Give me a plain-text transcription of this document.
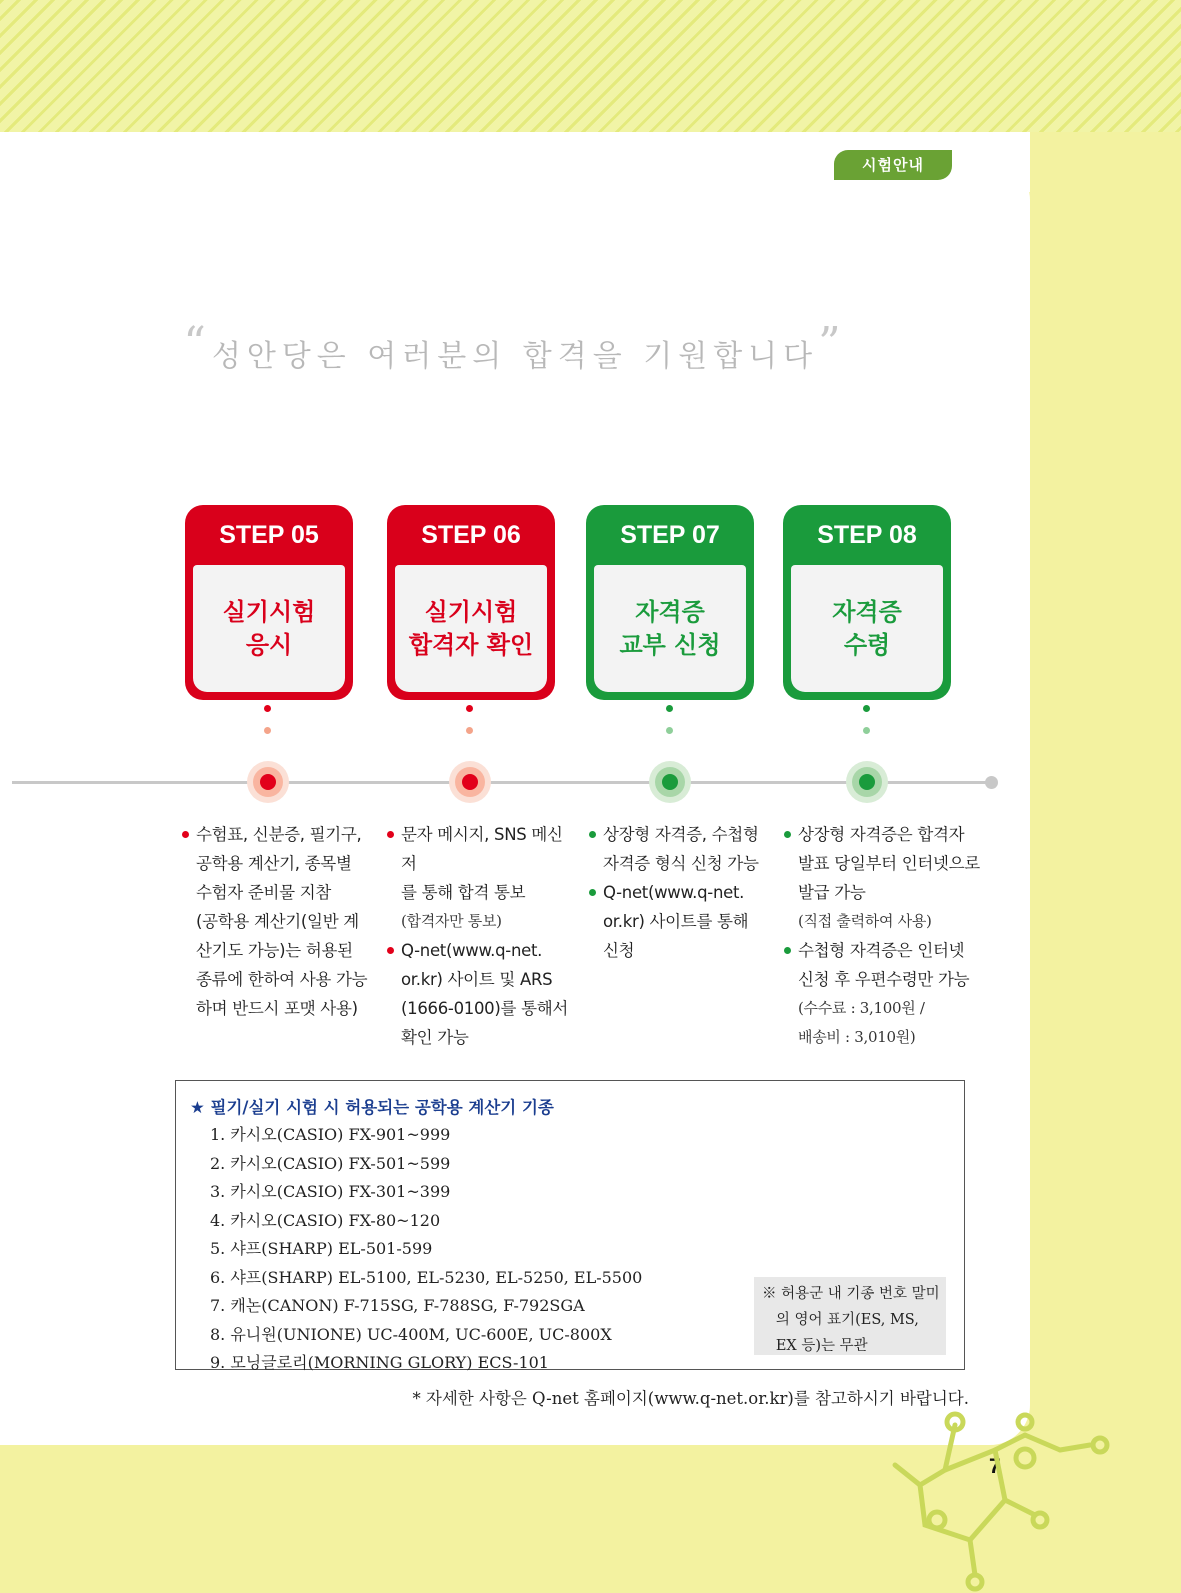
시험안내
“성안당은 여러분의 합격을 기원합니다”
STEP 05
실기시험
응시
STEP 06
실기시험
합격자 확인
STEP 07
자격증
교부 신청
STEP 08
자격증
수령
수험표, 신분증, 필기구,
공학용 계산기, 종목별
수험자 준비물 지참
(공학용 계산기(일반 계
산기도 가능)는 허용된
종류에 한하여 사용 가능
하며 반드시 포맷 사용)
문자 메시지, SNS 메신저
를 통해 합격 통보
(합격자만 통보)
Q-net(www.q-net.
or.kr) 사이트 및 ARS
(1666-0100)를 통해서
확인 가능
상장형 자격증, 수첩형
자격증 형식 신청 가능
Q-net(www.q-net.
or.kr) 사이트를 통해
신청
상장형 자격증은 합격자
발표 당일부터 인터넷으로
발급 가능
(직접 출력하여 사용)
수첩형 자격증은 인터넷
신청 후 우편수령만 가능
(수수료 : 3,100원 /
배송비 : 3,010원)
★ 필기/실기 시험 시 허용되는 공학용 계산기 기종
1. 카시오(CASIO) FX-901~999
2. 카시오(CASIO) FX-501~599
3. 카시오(CASIO) FX-301~399
4. 카시오(CASIO) FX-80~120
5. 샤프(SHARP) EL-501-599
6. 샤프(SHARP) EL-5100, EL-5230, EL-5250, EL-5500
7. 캐논(CANON) F-715SG, F-788SG, F-792SGA
8. 유니원(UNIONE) UC-400M, UC-600E, UC-800X
9. 모닝글로리(MORNING GLORY) ECS-101
※ 허용군 내 기종 번호 말미
의 영어 표기(ES, MS,
EX 등)는 무관
* 자세한 사항은 Q-net 홈페이지(www.q-net.or.kr)를 참고하시기 바랍니다.
7
